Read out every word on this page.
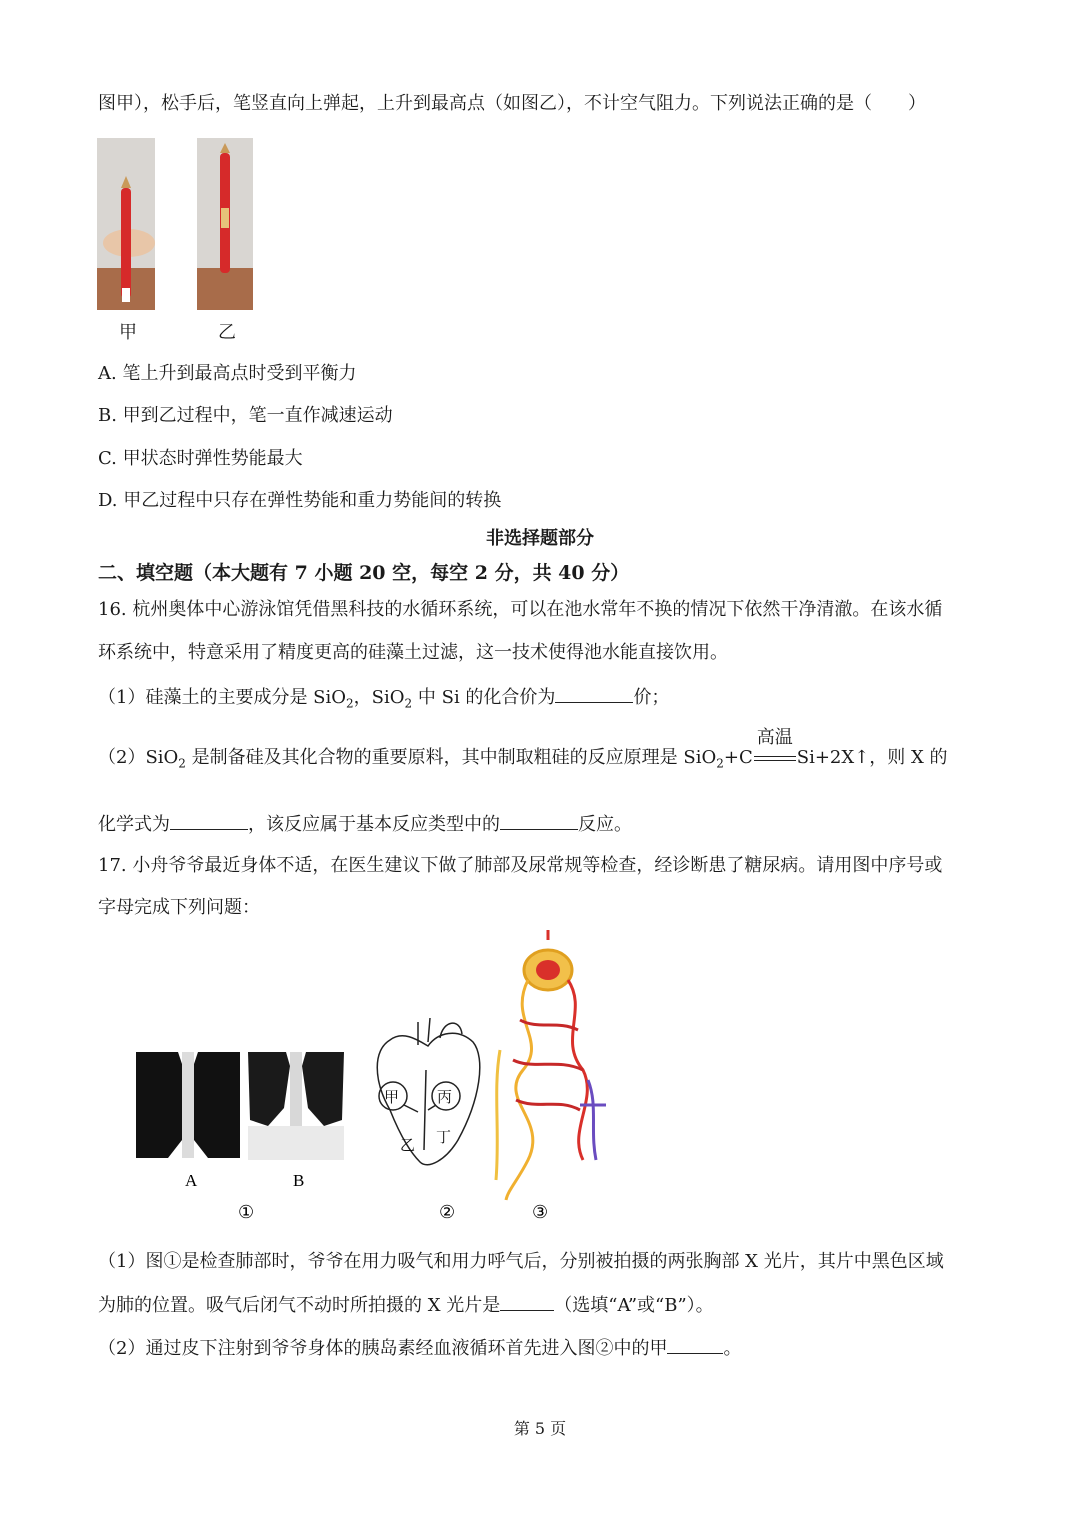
图甲），松手后，笔竖直向上弹起，上升到最高点（如图乙），不计空气阻力。下列说法正确的是（　　）
甲	乙
A. 笔上升到最高点时受到平衡力
B. 甲到乙过程中，笔一直作减速运动
C. 甲状态时弹性势能最大
D. 甲乙过程中只存在弹性势能和重力势能间的转换
非选择题部分
二、填空题（本大题有 7 小题 20 空，每空 2 分，共 40 分）
16. 杭州奥体中心游泳馆凭借黑科技的水循环系统，可以在池水常年不换的情况下依然干净清澈。在该水循
环系统中，特意采用了精度更高的硅藻土过滤，这一技术使得池水能直接饮用。
（1）硅藻土的主要成分是 SiO$_2$，SiO$_2$ 中 Si 的化合价为	价；
（2）SiO$_2$ 是制备硅及其化合物的重要原料，其中制取粗硅的反应原理是 SiO$_2$+C
高温
Si+2X↑，则 X 的
化学式为	，该反应属于基本反应类型中的	反应。
17. 小舟爷爷最近身体不适，在医生建议下做了肺部及尿常规等检查，经诊断患了糖尿病。请用图中序号或
字母完成下列问题：
A	B
①
甲	丙
乙 丁
②	③
（1）图①是检查肺部时，爷爷在用力吸气和用力呼气后，分别被拍摄的两张胸部 X 光片，其片中黑色区域
为肺的位置。吸气后闭气不动时所拍摄的 X 光片是	（选填“A”或“B”）。
（2）通过皮下注射到爷爷身体的胰岛素经血液循环首先进入图②中的甲	。
第 5 页
